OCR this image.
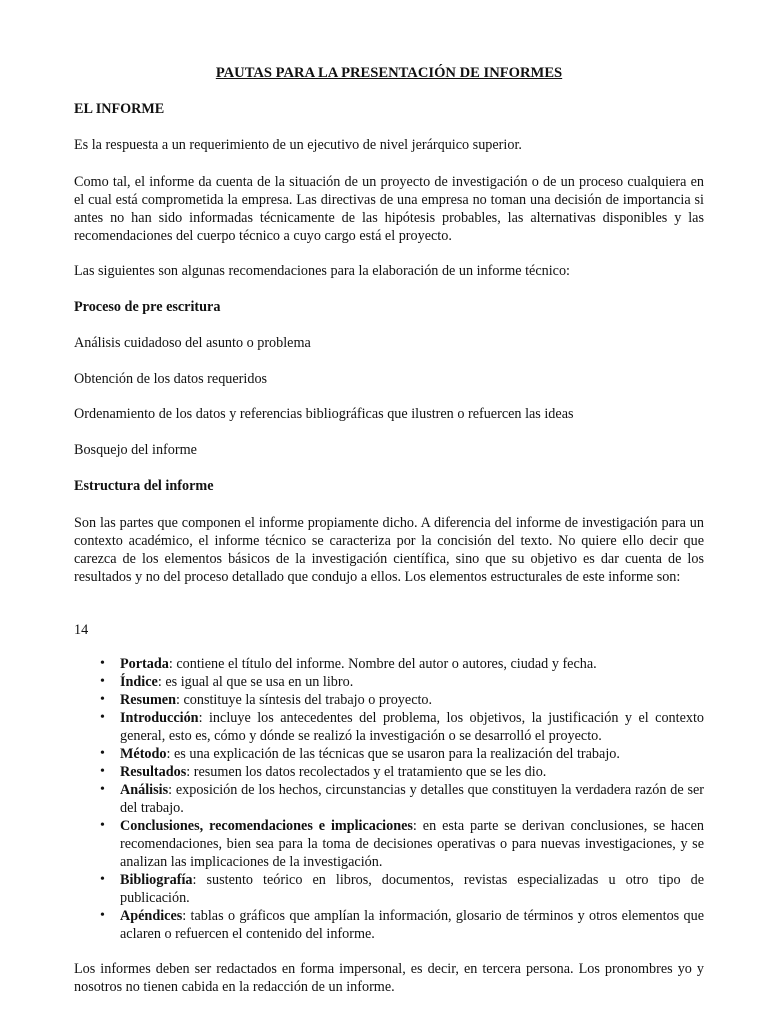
PAUTAS PARA LA PRESENTACIÓN DE INFORMES
EL INFORME
Es la respuesta a un requerimiento de un ejecutivo de nivel jerárquico superior.
Como tal, el informe da cuenta de la situación de un proyecto de investigación o de un proceso cualquiera en el cual está comprometida la empresa. Las directivas de una empresa no toman una decisión de importancia si antes no han sido informadas técnicamente de las hipótesis probables, las alternativas disponibles y las recomendaciones del cuerpo técnico a cuyo cargo está el proyecto.
Las siguientes son algunas recomendaciones para la elaboración de un informe técnico:
Proceso de pre escritura
Análisis cuidadoso del asunto o problema
Obtención de los datos requeridos
Ordenamiento de los datos y referencias bibliográficas que ilustren o refuercen las ideas
Bosquejo del informe
Estructura del informe
Son las partes que componen el informe propiamente dicho. A diferencia del informe de investigación para un contexto académico, el informe técnico se caracteriza por la concisión del texto. No quiere ello decir que carezca de los elementos básicos de la investigación científica, sino que su objetivo es dar cuenta de los resultados y no del proceso detallado que condujo a ellos. Los elementos estructurales de este informe son:
14
• Portada: contiene el título del informe. Nombre del autor o autores, ciudad y fecha.
• Índice: es igual al que se usa en un libro.
• Resumen: constituye la síntesis del trabajo o proyecto.
• Introducción: incluye los antecedentes del problema, los objetivos, la justificación y el contexto general, esto es, cómo y dónde se realizó la investigación o se desarrolló el proyecto.
• Método: es una explicación de las técnicas que se usaron para la realización del trabajo.
• Resultados: resumen los datos recolectados y el tratamiento que se les dio.
• Análisis: exposición de los hechos, circunstancias y detalles que constituyen la verdadera razón de ser del trabajo.
• Conclusiones, recomendaciones e implicaciones: en esta parte se derivan conclusiones, se hacen recomendaciones, bien sea para la toma de decisiones operativas o para nuevas investigaciones, y se analizan las implicaciones de la investigación.
• Bibliografía: sustento teórico en libros, documentos, revistas especializadas u otro tipo de publicación.
• Apéndices: tablas o gráficos que amplían la información, glosario de términos y otros elementos que aclaren o refuercen el contenido del informe.
Los informes deben ser redactados en forma impersonal, es decir, en tercera persona. Los pronombres yo y nosotros no tienen cabida en la redacción de un informe.
